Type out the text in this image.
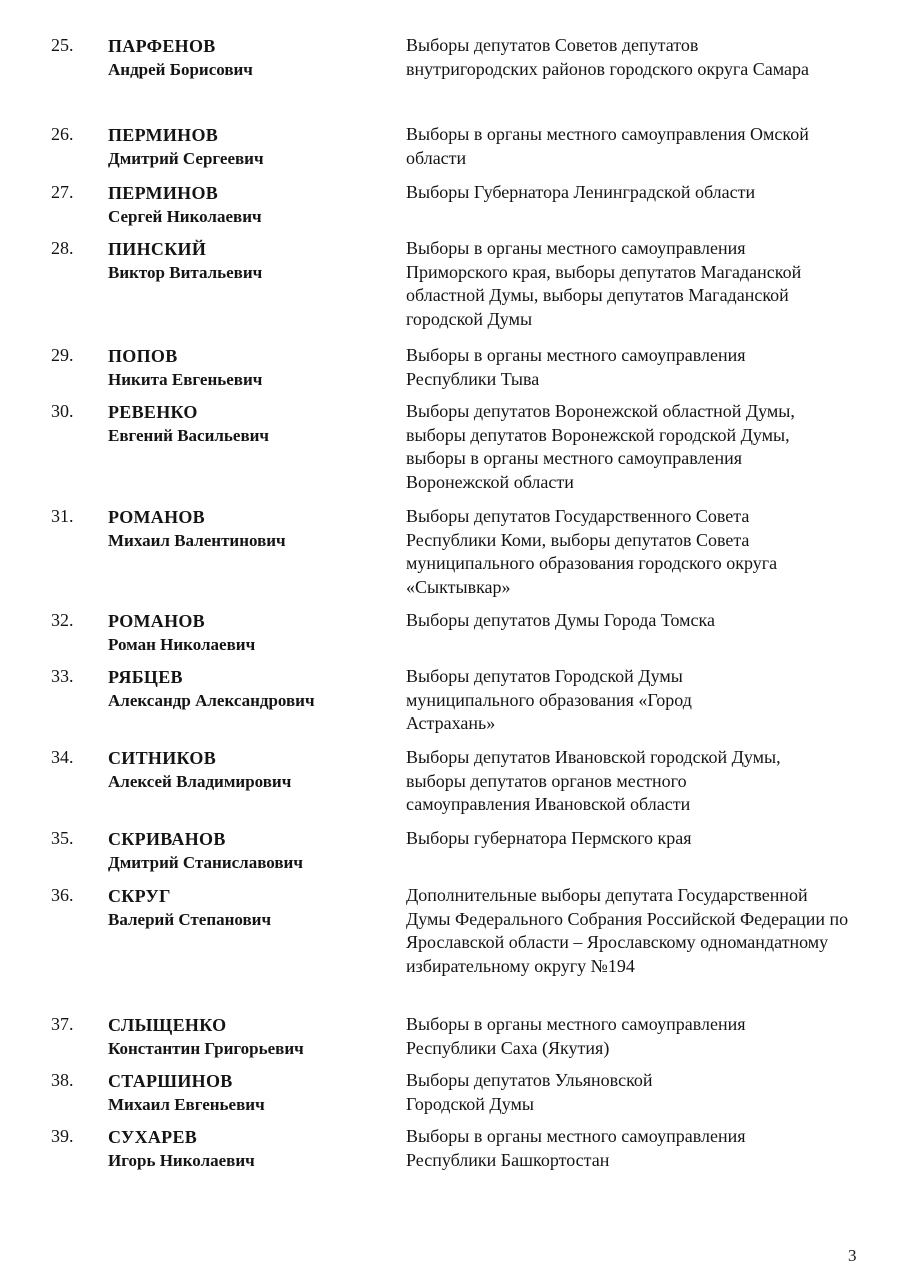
25. ПАРФЕНОВ
Андрей Борисович
Выборы депутатов Советов депутатов внутригородских районов городского округа Самара
26. ПЕРМИНОВ
Дмитрий Сергеевич
Выборы в органы местного самоуправления Омской области
27. ПЕРМИНОВ
Сергей Николаевич
Выборы Губернатора Ленинградской области
28. ПИНСКИЙ
Виктор Витальевич
Выборы в органы местного самоуправления Приморского края, выборы депутатов Магаданской областной Думы, выборы депутатов Магаданской городской Думы
29. ПОПОВ
Никита Евгеньевич
Выборы в органы местного самоуправления Республики Тыва
30. РЕВЕНКО
Евгений Васильевич
Выборы депутатов Воронежской областной Думы, выборы депутатов Воронежской городской Думы, выборы в органы местного самоуправления Воронежской области
31. РОМАНОВ
Михаил Валентинович
Выборы депутатов Государственного Совета Республики Коми, выборы депутатов Совета муниципального образования городского округа «Сыктывкар»
32. РОМАНОВ
Роман Николаевич
Выборы депутатов Думы Города Томска
33. РЯБЦЕВ
Александр Александрович
Выборы депутатов Городской Думы муниципального образования «Город Астрахань»
34. СИТНИКОВ
Алексей Владимирович
Выборы депутатов Ивановской городской Думы, выборы депутатов органов местного самоуправления Ивановской области
35. СКРИВАНОВ
Дмитрий Станиславович
Выборы губернатора Пермского края
36. СКРУГ
Валерий Степанович
Дополнительные выборы депутата Государственной Думы Федерального Собрания Российской Федерации по Ярославской области – Ярославскому одномандатному избирательному округу №194
37. СЛЫЩЕНКО
Константин Григорьевич
Выборы в органы местного самоуправления Республики Саха (Якутия)
38. СТАРШИНОВ
Михаил Евгеньевич
Выборы депутатов Ульяновской Городской Думы
39. СУХАРЕВ
Игорь Николаевич
Выборы в органы местного самоуправления Республики Башкортостан
3
